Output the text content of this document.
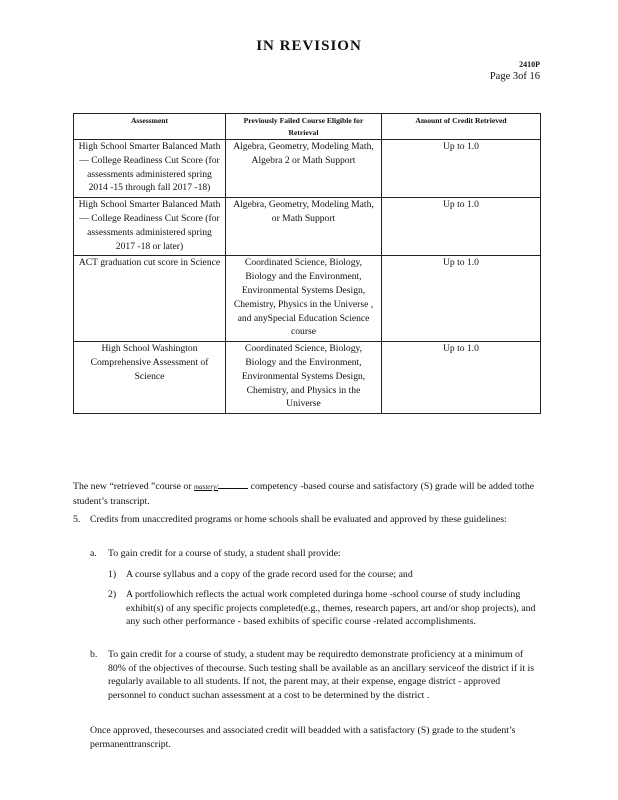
IN REVISION
2410P
Page 3of 16
Assessment	Previously Failed Course Eligible for Retrieval	Amount of Credit Retrieved
High School Smarter Balanced Math — College Readiness Cut Score (for assessments administered spring 2014 -15 through fall 2017 -18)	Algebra, Geometry, Modeling Math, Algebra 2 or Math Support	Up to 1.0
High School Smarter Balanced Math — College Readiness Cut Score (for assessments administered spring 2017 -18 or later)	Algebra, Geometry, Modeling Math, or Math Support	Up to 1.0
ACT graduation cut score in Science	Coordinated Science, Biology, Biology and the Environment, Environmental Systems Design, Chemistry, Physics in the Universe , and anySpecial Education Science course	Up to 1.0
High School Washington Comprehensive Assessment of Science	Coordinated Science, Biology, Biology and the Environment, Environmental Systems Design, Chemistry, and Physics in the Universe	Up to 1.0
The new “retrieved ”course or mastery/	competency -based course and satisfactory (S) grade will be added tothe student’s transcript.
5. Credits from unaccredited programs or home schools shall be evaluated and approved by these guidelines:
a.	To gain credit for a course of study, a student shall provide:
1)	A course syllabus and a copy of the grade record used for the course; and
2)	A portfoliowhich reflects the actual work completed duringa home -school course of study including exhibit(s) of any specific projects completed(e.g., themes, research papers, art and/or shop projects), and any such other performance - based exhibits of specific course -related accomplishments.
b.	To gain credit for a course of study, a student may be requiredto demonstrate proficiency at a minimum of 80% of the objectives of thecourse. Such testing shall be available as an ancillary serviceof the district if it is regularly available to all students. If not, the parent may, at their expense, engage district - approved personnel to conduct suchan assessment at a cost to be determined by the district .
Once approved, thesecourses and associated credit will beadded with a satisfactory (S) grade to the student’s permanenttranscript.
